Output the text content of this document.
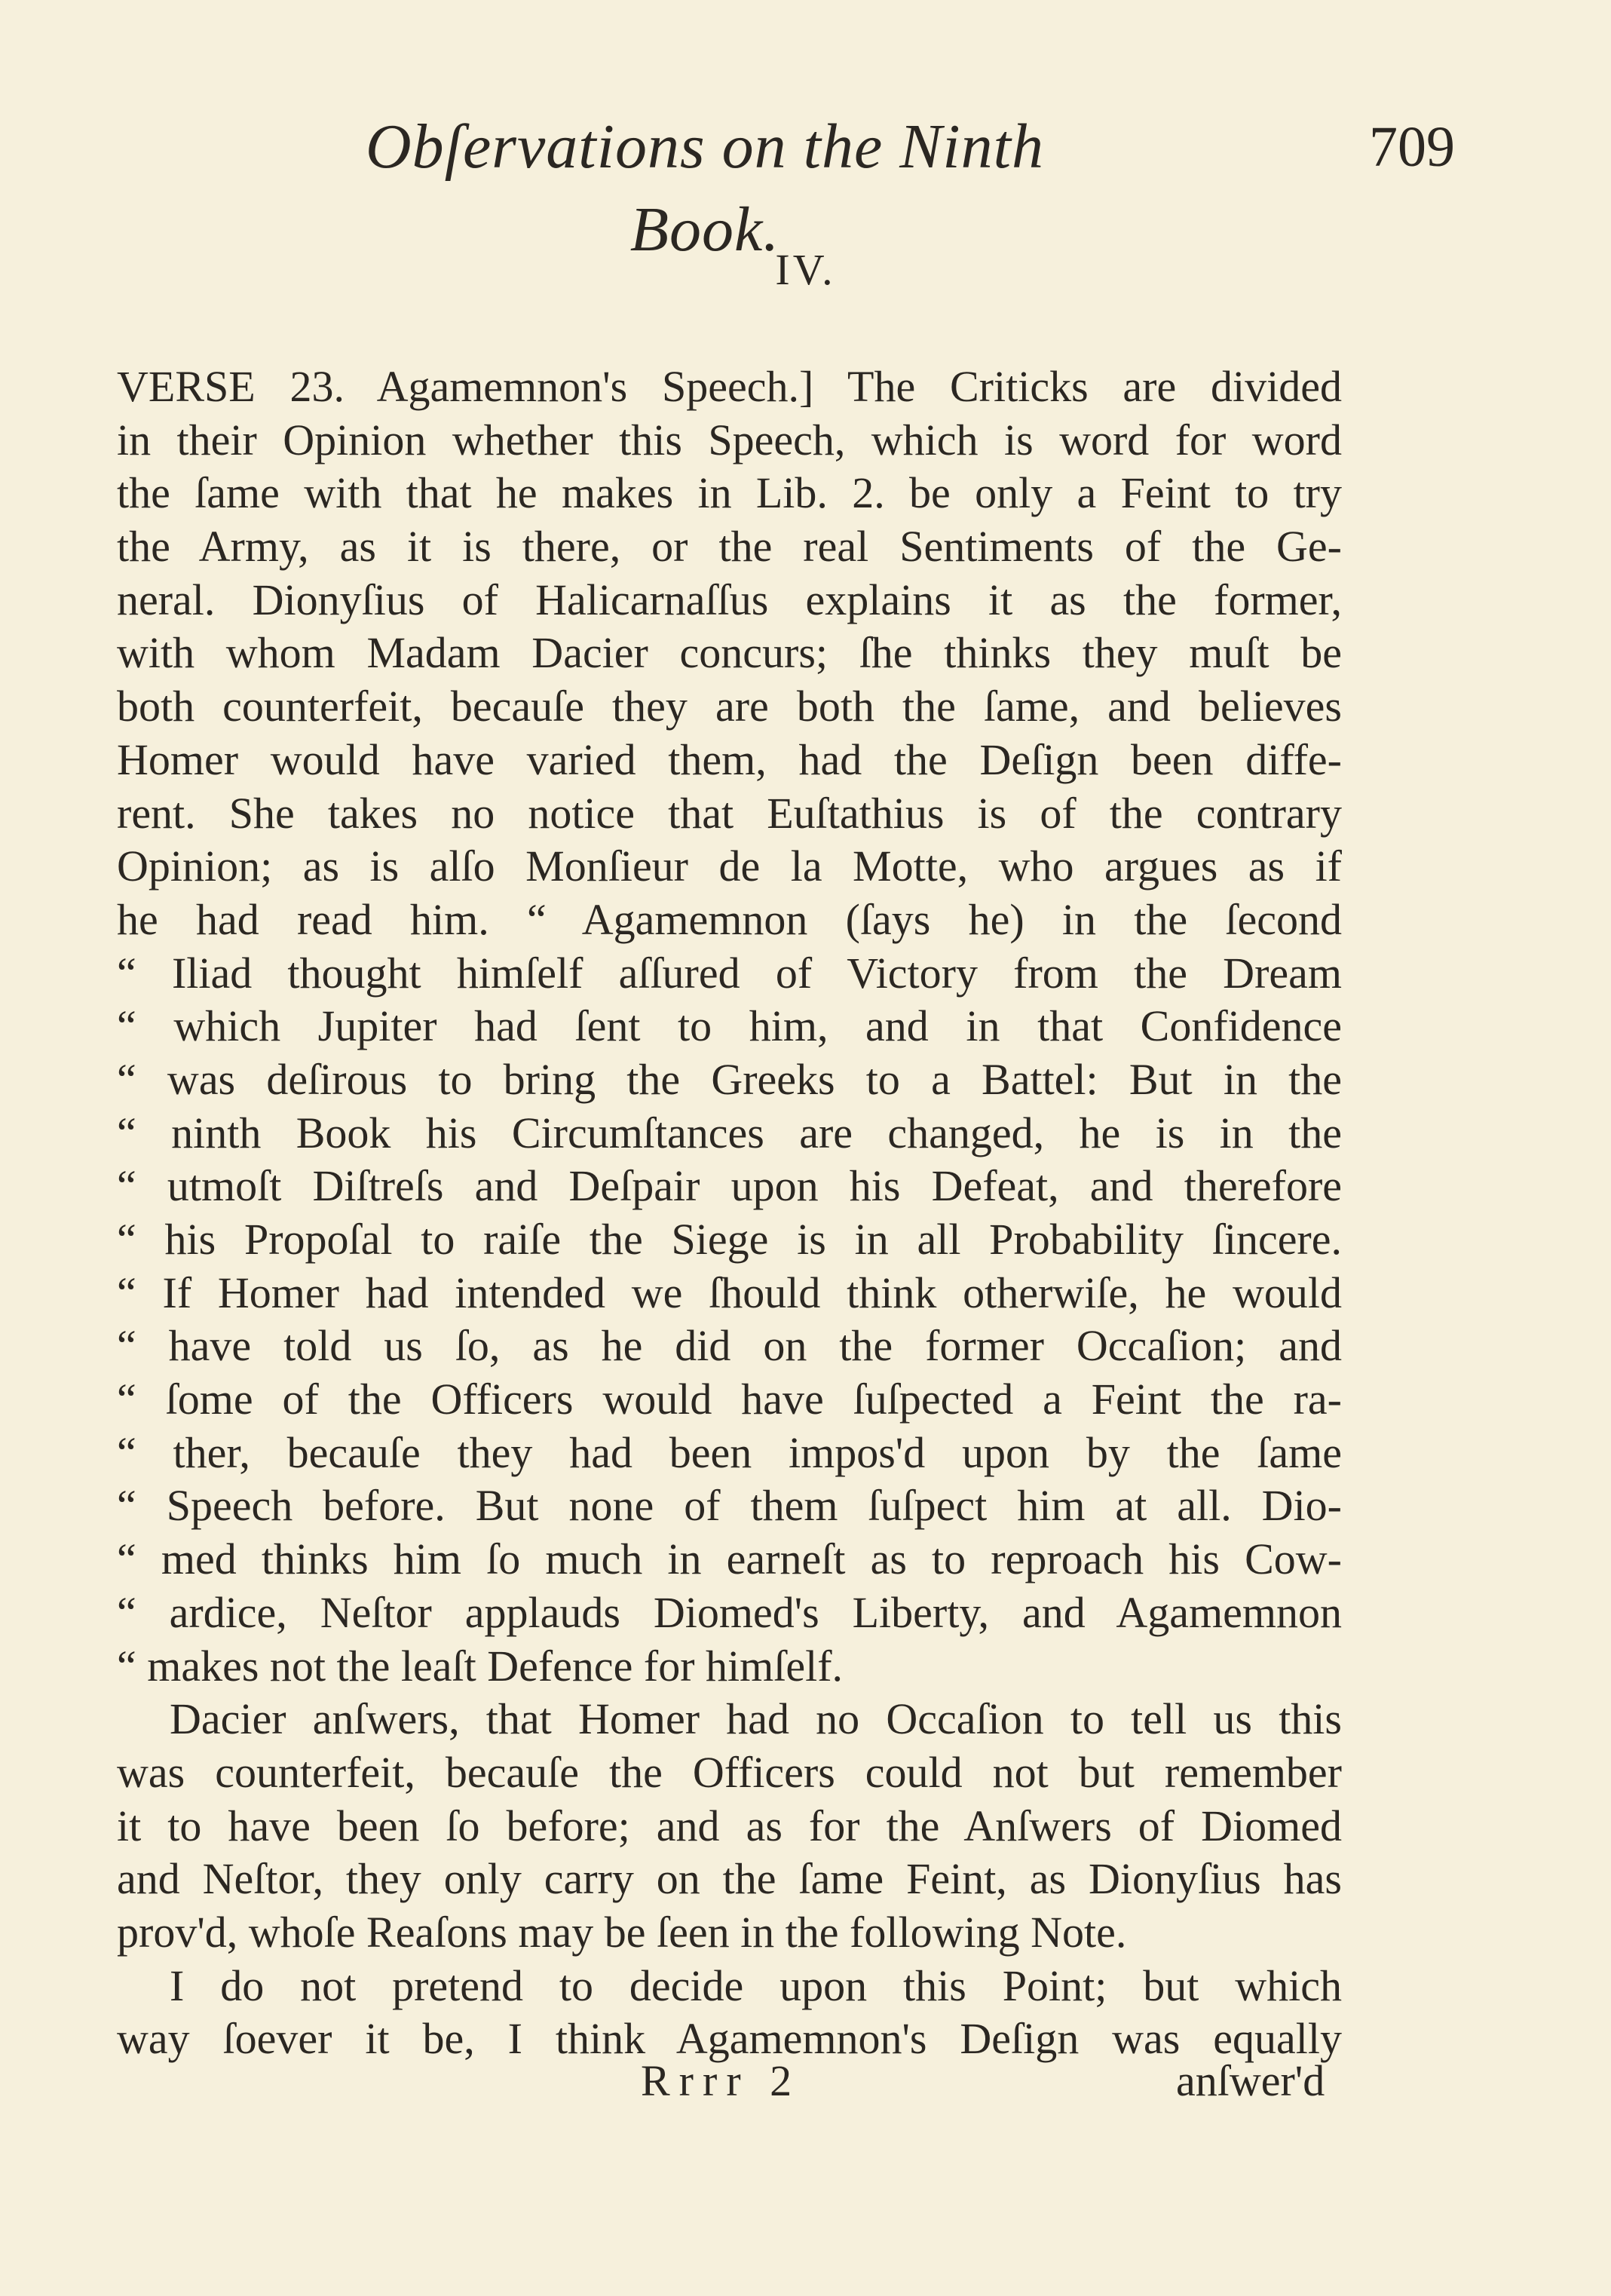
Obſervations on the Ninth Book.
709
IV.
VERSE 23. Agamemnon's Speech.] The Criticks are divided
in their Opinion whether this Speech, which is word for word
the ſame with that he makes in Lib. 2. be only a Feint to try
the Army, as it is there, or the real Sentiments of the Ge-
neral. Dionyſius of Halicarnaſſus explains it as the former,
with whom Madam Dacier concurs; ſhe thinks they muſt be
both counterfeit, becauſe they are both the ſame, and believes
Homer would have varied them, had the Deſign been diffe-
rent. She takes no notice that Euſtathius is of the contrary
Opinion; as is alſo Monſieur de la Motte, who argues as if
he had read him. “ Agamemnon (ſays he) in the ſecond
“ Iliad thought himſelf aſſured of Victory from the Dream
“ which Jupiter had ſent to him, and in that Confidence
“ was deſirous to bring the Greeks to a Battel: But in the
“ ninth Book his Circumſtances are changed, he is in the
“ utmoſt Diſtreſs and Deſpair upon his Defeat, and therefore
“ his Propoſal to raiſe the Siege is in all Probability ſincere.
“ If Homer had intended we ſhould think otherwiſe, he would
“ have told us ſo, as he did on the former Occaſion; and
“ ſome of the Officers would have ſuſpected a Feint the ra-
“ ther, becauſe they had been impos'd upon by the ſame
“ Speech before. But none of them ſuſpect him at all. Dio-
“ med thinks him ſo much in earneſt as to reproach his Cow-
“ ardice, Neſtor applauds Diomed's Liberty, and Agamemnon
“ makes not the leaſt Defence for himſelf.
Dacier anſwers, that Homer had no Occaſion to tell us this
was counterfeit, becauſe the Officers could not but remember
it to have been ſo before; and as for the Anſwers of Diomed
and Neſtor, they only carry on the ſame Feint, as Dionyſius has
prov'd, whoſe Reaſons may be ſeen in the following Note.
I do not pretend to decide upon this Point; but which
way ſoever it be, I think Agamemnon's Deſign was equally
Rrrr 2	anſwer'd
